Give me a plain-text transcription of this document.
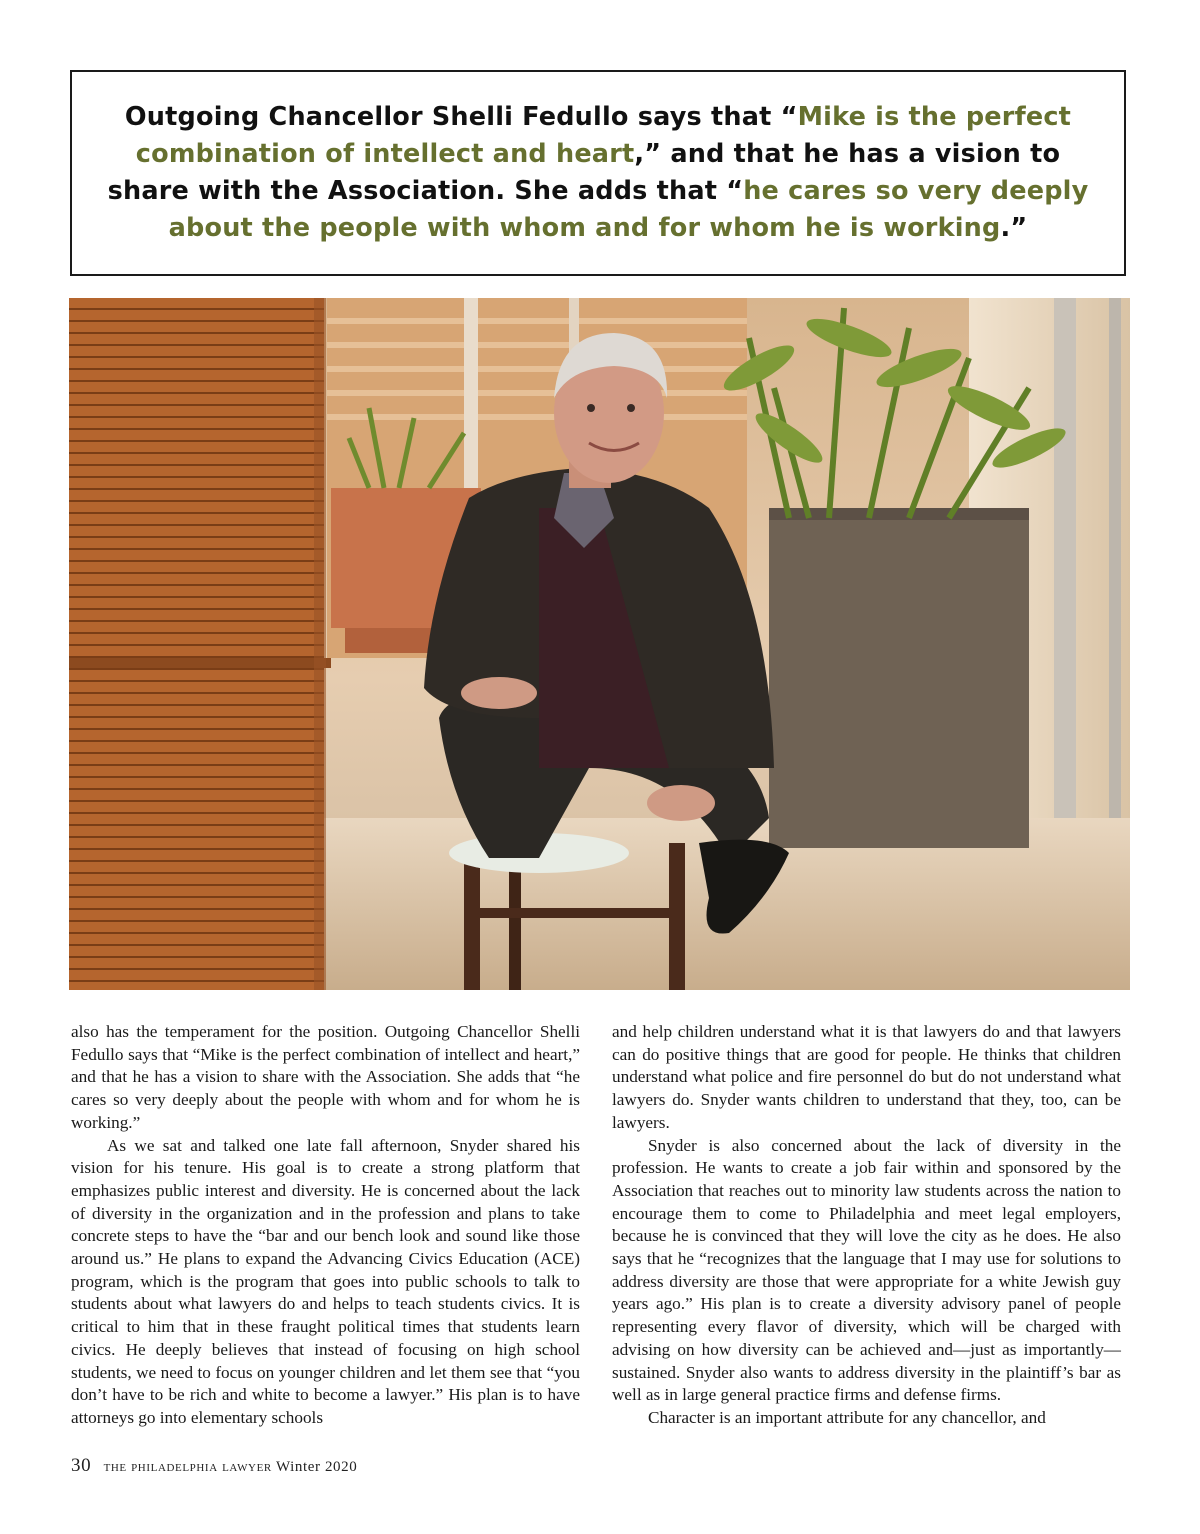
Outgoing Chancellor Shelli Fedullo says that “Mike is the perfect combination of intellect and heart,” and that he has a vision to share with the Association. She adds that “he cares so very deeply about the people with whom and for whom he is working.”

also has the temperament for the position. Outgoing Chancellor Shelli Fedullo says that “Mike is the perfect combination of intellect and heart,” and that he has a vision to share with the Association. She adds that “he cares so very deeply about the people with whom and for whom he is working.”

As we sat and talked one late fall afternoon, Snyder shared his vision for his tenure. His goal is to create a strong platform that emphasizes public interest and diversity. He is concerned about the lack of diversity in the organization and in the profession and plans to take concrete steps to have the “bar and our bench look and sound like those around us.” He plans to expand the Advancing Civics Education (ACE) program, which is the program that goes into public schools to talk to students about what lawyers do and helps to teach students civics. It is critical to him that in these fraught political times that students learn civics. He deeply believes that instead of focusing on high school students, we need to focus on younger children and let them see that “you don’t have to be rich and white to become a lawyer.” His plan is to have attorneys go into elementary schools

and help children understand what it is that lawyers do and that lawyers can do positive things that are good for people. He thinks that children understand what police and fire personnel do but do not understand what lawyers do. Snyder wants children to understand that they, too, can be lawyers.

Snyder is also concerned about the lack of diversity in the profession. He wants to create a job fair within and sponsored by the Association that reaches out to minority law students across the nation to encourage them to come to Philadelphia and meet legal employers, because he is convinced that they will love the city as he does. He also says that he “recognizes that the language that I may use for solutions to address diversity are those that were appropriate for a white Jewish guy years ago.” His plan is to create a diversity advisory panel of people representing every flavor of diversity, which will be charged with advising on how diversity can be achieved and—just as importantly—sustained. Snyder also wants to address diversity in the plaintiff’s bar as well as in large general practice firms and defense firms.

Character is an important attribute for any chancellor, and

30 the philadelphia lawyer Winter 2020
